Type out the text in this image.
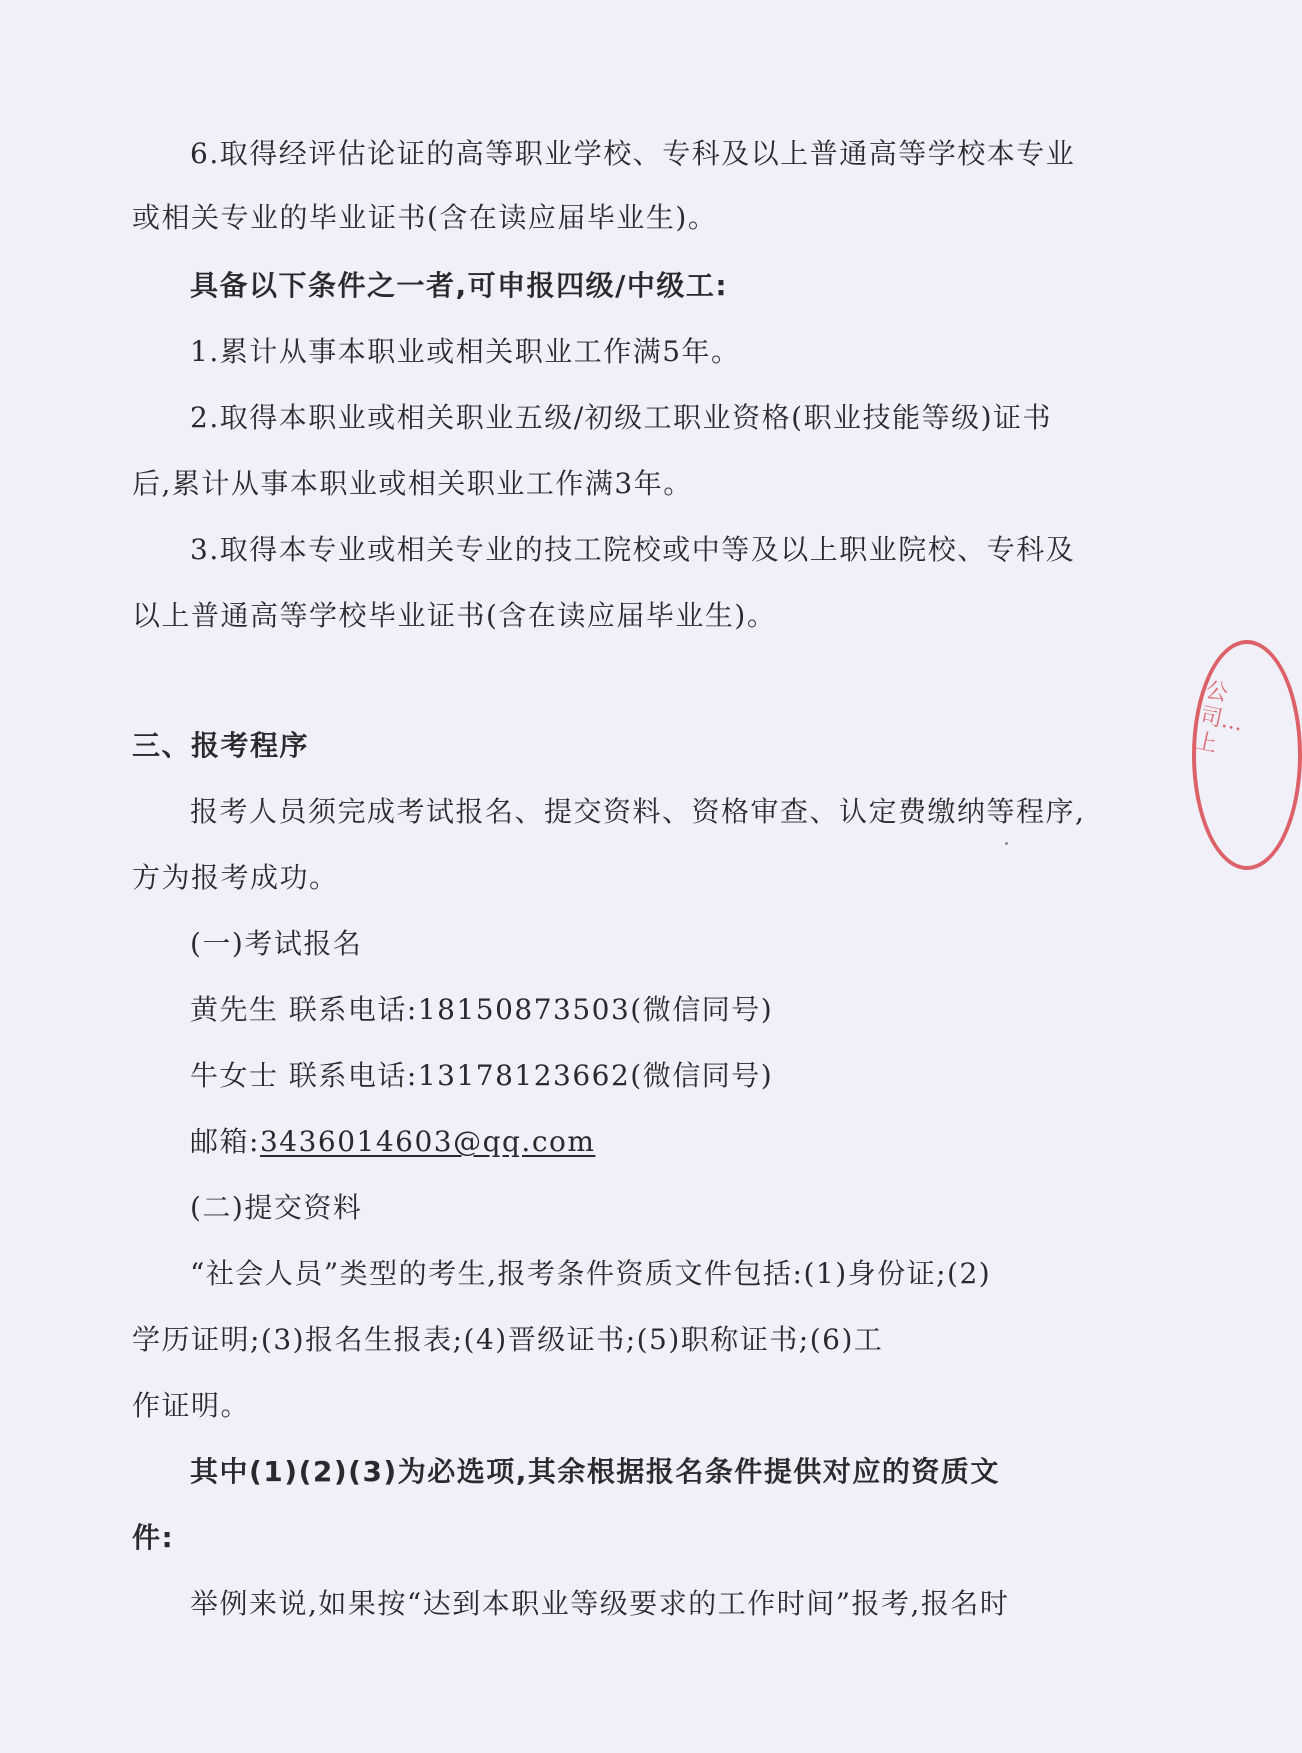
6.取得经评估论证的高等职业学校、专科及以上普通高等学校本专业
或相关专业的毕业证书(含在读应届毕业生)。
具备以下条件之一者,可申报四级/中级工:
1.累计从事本职业或相关职业工作满5年。
2.取得本职业或相关职业五级/初级工职业资格(职业技能等级)证书
后,累计从事本职业或相关职业工作满3年。
3.取得本专业或相关专业的技工院校或中等及以上职业院校、专科及
以上普通高等学校毕业证书(含在读应届毕业生)。
三、报考程序
报考人员须完成考试报名、提交资料、资格审查、认定费缴纳等程序,
方为报考成功。
(一)考试报名
黄先生 联系电话:18150873503(微信同号)
牛女士 联系电话:13178123662(微信同号)
邮箱:3436014603@qq.com
(二)提交资料
“社会人员”类型的考生,报考条件资质文件包括:(1)身份证;(2)
学历证明;(3)报名生报表;(4)晋级证书;(5)职称证书;(6)工
作证明。
其中(1)(2)(3)为必选项,其余根据报名条件提供对应的资质文
件:
举例来说,如果按“达到本职业等级要求的工作时间”报考,报名时
公司...上
